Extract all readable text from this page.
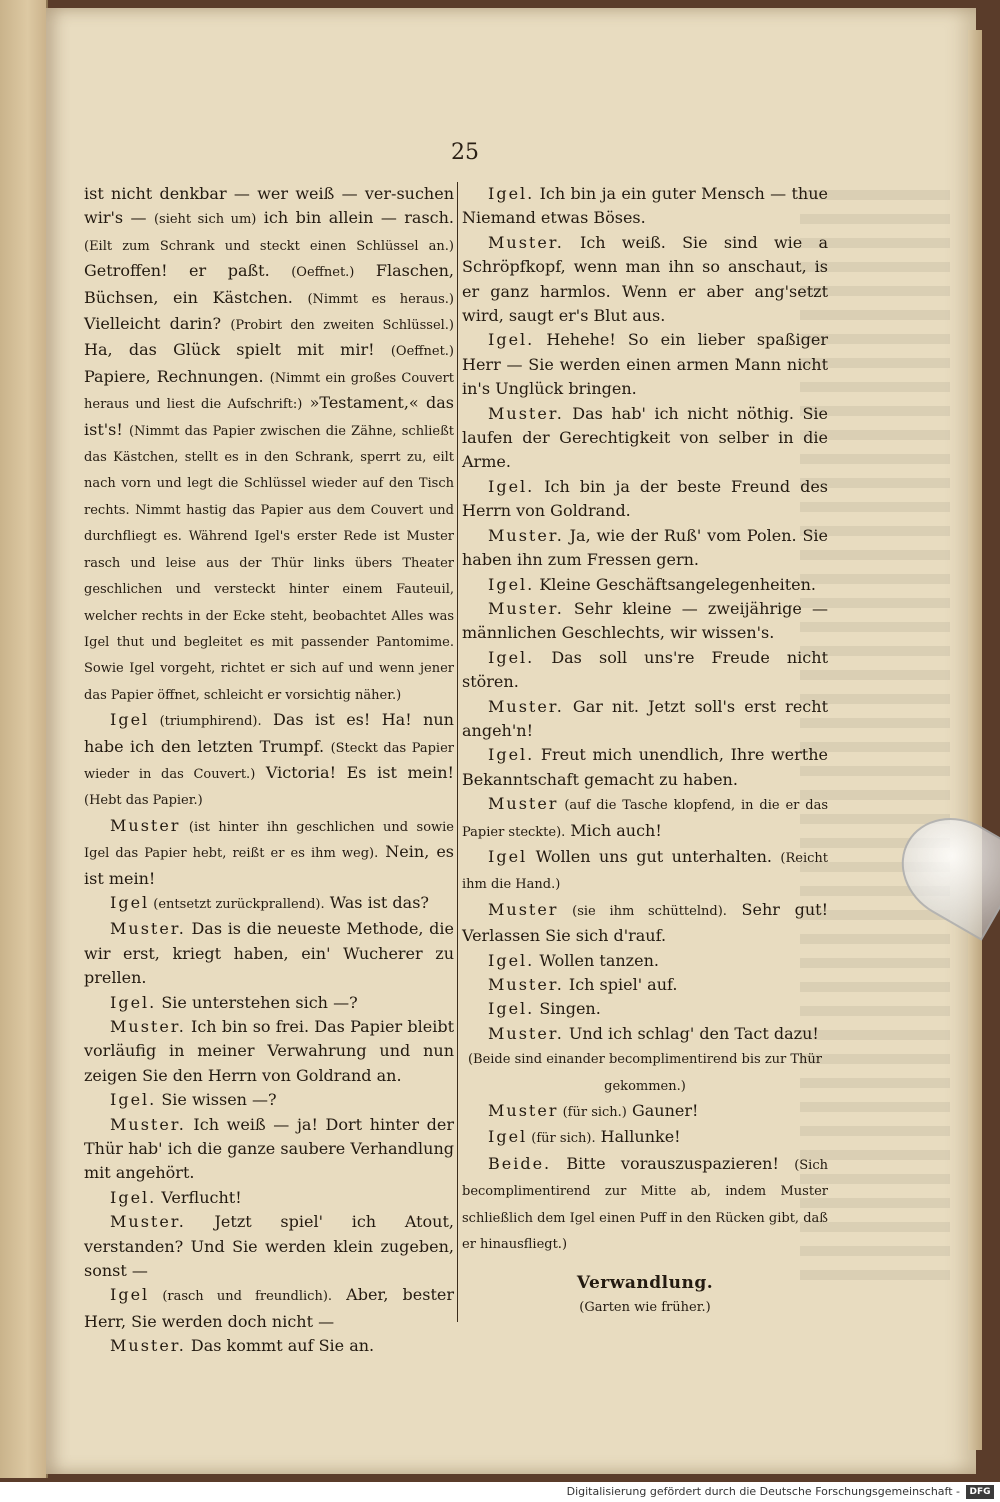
25

ist nicht denkbar — wer weiß — ver-suchen wir's — (sieht sich um) ich bin allein — rasch. (Eilt zum Schrank und steckt einen Schlüssel an.) Getroffen! er paßt. (Oeffnet.) Flaschen, Büchsen, ein Kästchen. (Nimmt es heraus.) Vielleicht darin? (Probirt den zweiten Schlüssel.) Ha, das Glück spielt mit mir! (Oeffnet.) Papiere, Rechnungen. (Nimmt ein großes Couvert heraus und liest die Aufschrift:) »Testament,« das ist's! (Nimmt das Papier zwischen die Zähne, schließt das Kästchen, stellt es in den Schrank, sperrt zu, eilt nach vorn und legt die Schlüssel wieder auf den Tisch rechts. Nimmt hastig das Papier aus dem Couvert und durchfliegt es. Während Igel's erster Rede ist Muster rasch und leise aus der Thür links übers Theater geschlichen und versteckt hinter einem Fauteuil, welcher rechts in der Ecke steht, beobachtet Alles was Igel thut und begleitet es mit passender Pantomime. Sowie Igel vorgeht, richtet er sich auf und wenn jener das Papier öffnet, schleicht er vorsichtig näher.)

Igel (triumphirend). Das ist es! Ha! nun habe ich den letzten Trumpf. (Steckt das Papier wieder in das Couvert.) Victoria! Es ist mein! (Hebt das Papier.)

Muster (ist hinter ihn geschlichen und sowie Igel das Papier hebt, reißt er es ihm weg). Nein, es ist mein!

Igel (entsetzt zurückprallend). Was ist das?

Muster. Das is die neueste Methode, die wir erst, kriegt haben, ein' Wucherer zu prellen.

Igel. Sie unterstehen sich —?

Muster. Ich bin so frei. Das Papier bleibt vorläufig in meiner Verwahrung und nun zeigen Sie den Herrn von Goldrand an.

Igel. Sie wissen —?

Muster. Ich weiß — ja! Dort hinter der Thür hab' ich die ganze saubere Verhandlung mit angehört.

Igel. Verflucht!

Muster. Jetzt spiel' ich Atout, verstanden? Und Sie werden klein zugeben, sonst —

Igel (rasch und freundlich). Aber, bester Herr, Sie werden doch nicht —

Muster. Das kommt auf Sie an.

Igel. Ich bin ja ein guter Mensch — thue Niemand etwas Böses.

Muster. Ich weiß. Sie sind wie a Schröpfkopf, wenn man ihn so anschaut, is er ganz harmlos. Wenn er aber ang'setzt wird, saugt er's Blut aus.

Igel. Hehehe! So ein lieber spaßiger Herr — Sie werden einen armen Mann nicht in's Unglück bringen.

Muster. Das hab' ich nicht nöthig. Sie laufen der Gerechtigkeit von selber in die Arme.

Igel. Ich bin ja der beste Freund des Herrn von Goldrand.

Muster. Ja, wie der Ruß' vom Polen. Sie haben ihn zum Fressen gern.

Igel. Kleine Geschäftsangelegenheiten.

Muster. Sehr kleine — zweijährige — männlichen Geschlechts, wir wissen's.

Igel. Das soll uns're Freude nicht stören.

Muster. Gar nit. Jetzt soll's erst recht angeh'n!

Igel. Freut mich unendlich, Ihre werthe Bekanntschaft gemacht zu haben.

Muster (auf die Tasche klopfend, in die er das Papier steckte). Mich auch!

Igel Wollen uns gut unterhalten. (Reicht ihm die Hand.)

Muster (sie ihm schüttelnd). Sehr gut! Verlassen Sie sich d'rauf.

Igel. Wollen tanzen.

Muster. Ich spiel' auf.

Igel. Singen.

Muster. Und ich schlag' den Tact dazu!

(Beide sind einander becomplimentirend bis zur Thür gekommen.)

Muster (für sich.) Gauner!

Igel (für sich). Hallunke!

Beide. Bitte vorauszuspazieren! (Sich becomplimentirend zur Mitte ab, indem Muster schließlich dem Igel einen Puff in den Rücken gibt, daß er hinausfliegt.)

Verwandlung.

(Garten wie früher.)

Digitalisierung gefördert durch die Deutsche Forschungsgemeinschaft -	DFG
